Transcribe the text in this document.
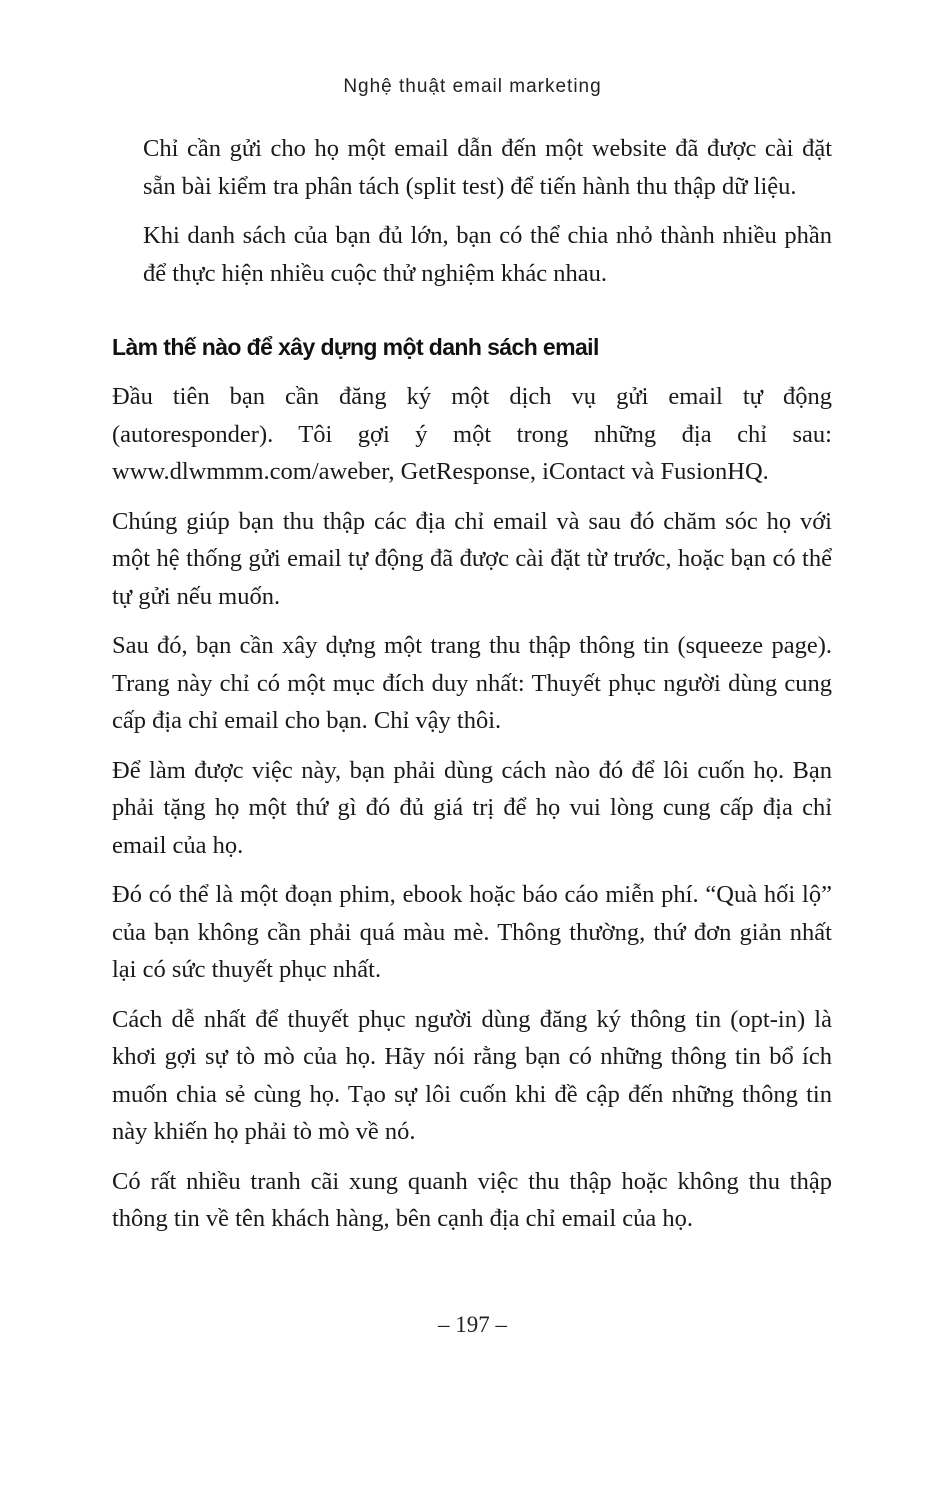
Nghệ thuật email marketing

Chỉ cần gửi cho họ một email dẫn đến một website đã được cài đặt sẵn bài kiểm tra phân tách (split test) để tiến hành thu thập dữ liệu.

Khi danh sách của bạn đủ lớn, bạn có thể chia nhỏ thành nhiều phần để thực hiện nhiều cuộc thử nghiệm khác nhau.

Làm thế nào để xây dựng một danh sách email

Đầu tiên bạn cần đăng ký một dịch vụ gửi email tự động (autoresponder). Tôi gợi ý một trong những địa chỉ sau: www.dlwmmm.com/aweber, GetResponse, iContact và FusionHQ.

Chúng giúp bạn thu thập các địa chỉ email và sau đó chăm sóc họ với một hệ thống gửi email tự động đã được cài đặt từ trước, hoặc bạn có thể tự gửi nếu muốn.

Sau đó, bạn cần xây dựng một trang thu thập thông tin (squeeze page). Trang này chỉ có một mục đích duy nhất: Thuyết phục người dùng cung cấp địa chỉ email cho bạn. Chỉ vậy thôi.

Để làm được việc này, bạn phải dùng cách nào đó để lôi cuốn họ. Bạn phải tặng họ một thứ gì đó đủ giá trị để họ vui lòng cung cấp địa chỉ email của họ.

Đó có thể là một đoạn phim, ebook hoặc báo cáo miễn phí. “Quà hối lộ” của bạn không cần phải quá màu mè. Thông thường, thứ đơn giản nhất lại có sức thuyết phục nhất.

Cách dễ nhất để thuyết phục người dùng đăng ký thông tin (opt-in) là khơi gợi sự tò mò của họ. Hãy nói rằng bạn có những thông tin bổ ích muốn chia sẻ cùng họ. Tạo sự lôi cuốn khi đề cập đến những thông tin này khiến họ phải tò mò về nó.

Có rất nhiều tranh cãi xung quanh việc thu thập hoặc không thu thập thông tin về tên khách hàng, bên cạnh địa chỉ email của họ.

– 197 –
